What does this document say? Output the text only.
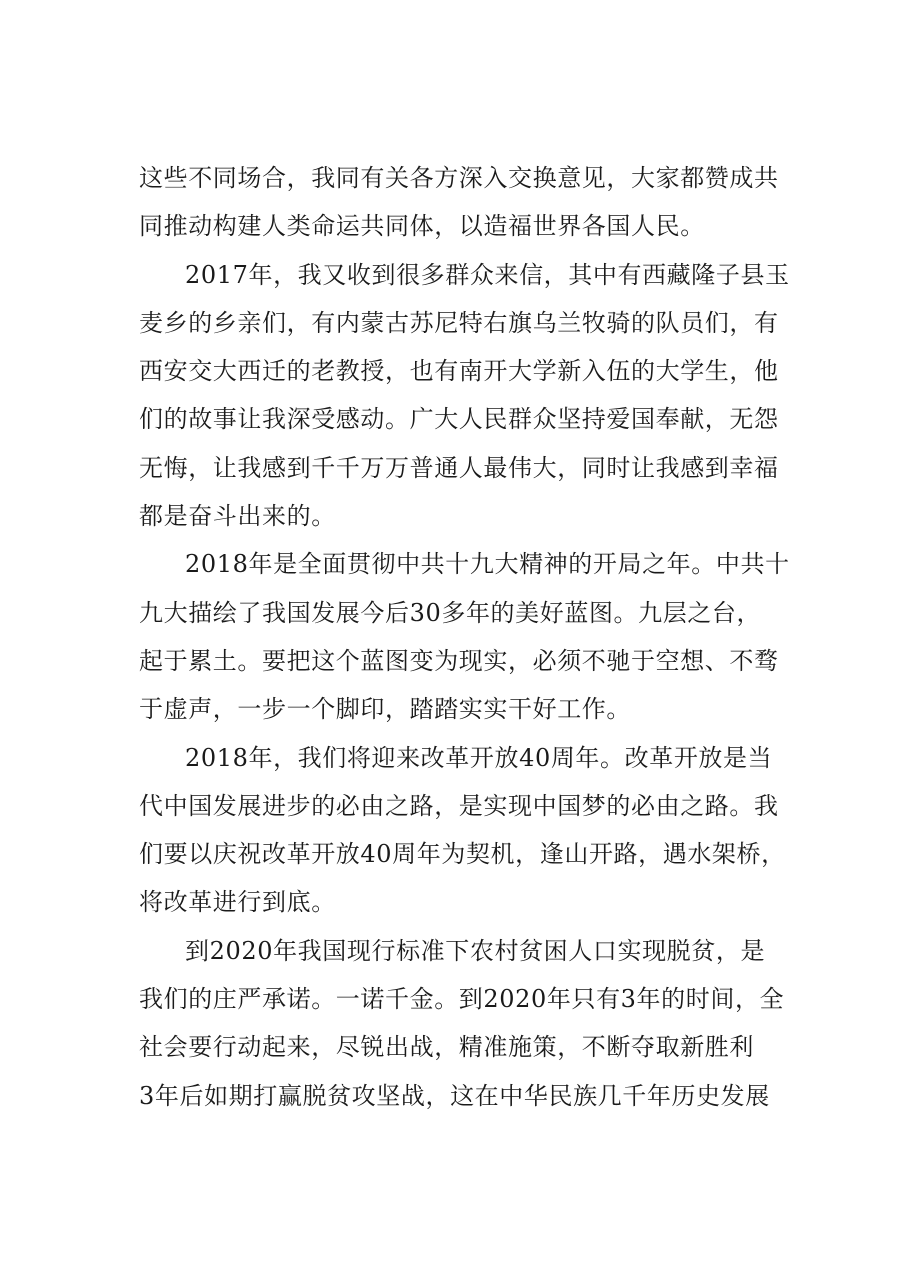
这些不同场合，我同有关各方深入交换意见，大家都赞成共
同推动构建人类命运共同体，以造福世界各国人民。
2017年，我又收到很多群众来信，其中有西藏隆子县玉
麦乡的乡亲们，有内蒙古苏尼特右旗乌兰牧骑的队员们，有
西安交大西迁的老教授，也有南开大学新入伍的大学生，他
们的故事让我深受感动。广大人民群众坚持爱国奉献，无怨
无悔，让我感到千千万万普通人最伟大，同时让我感到幸福
都是奋斗出来的。
2018年是全面贯彻中共十九大精神的开局之年。中共十
九大描绘了我国发展今后30多年的美好蓝图。九层之台，
起于累土。要把这个蓝图变为现实，必须不驰于空想、不骛
于虚声，一步一个脚印，踏踏实实干好工作。
2018年，我们将迎来改革开放40周年。改革开放是当
代中国发展进步的必由之路，是实现中国梦的必由之路。我
们要以庆祝改革开放40周年为契机，逢山开路，遇水架桥，
将改革进行到底。
到2020年我国现行标准下农村贫困人口实现脱贫，是
我们的庄严承诺。一诺千金。到2020年只有3年的时间，全
社会要行动起来，尽锐出战，精准施策，不断夺取新胜利
3年后如期打赢脱贫攻坚战，这在中华民族几千年历史发展
